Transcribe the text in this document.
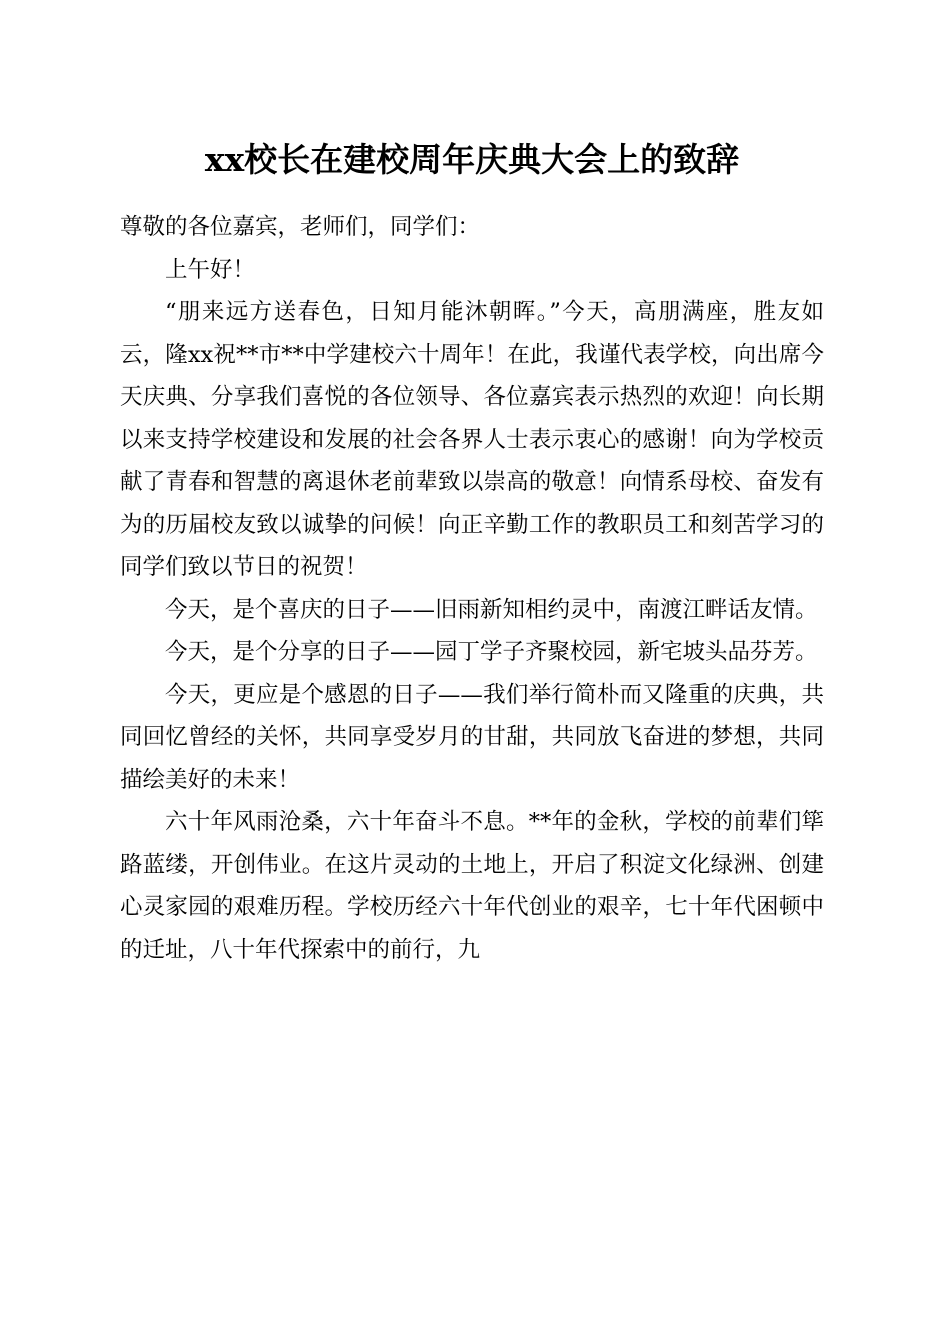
xx校长在建校周年庆典大会上的致辞

尊敬的各位嘉宾，老师们，同学们：

上午好！

“朋来远方送春色，日知月能沐朝晖。”今天，高朋满座，胜友如云，隆xx祝**市**中学建校六十周年！在此，我谨代表学校，向出席今天庆典、分享我们喜悦的各位领导、各位嘉宾表示热烈的欢迎！向长期以来支持学校建设和发展的社会各界人士表示衷心的感谢！向为学校贡献了青春和智慧的离退休老前辈致以崇高的敬意！向情系母校、奋发有为的历届校友致以诚挚的问候！向正辛勤工作的教职员工和刻苦学习的同学们致以节日的祝贺！

今天，是个喜庆的日子——旧雨新知相约灵中，南渡江畔话友情。

今天，是个分享的日子——园丁学子齐聚校园，新宅坡头品芬芳。

今天，更应是个感恩的日子——我们举行简朴而又隆重的庆典，共同回忆曾经的关怀，共同享受岁月的甘甜，共同放飞奋进的梦想，共同描绘美好的未来！

六十年风雨沧桑，六十年奋斗不息。**年的金秋，学校的前辈们筚路蓝缕，开创伟业。在这片灵动的土地上，开启了积淀文化绿洲、创建心灵家园的艰难历程。学校历经六十年代创业的艰辛，七十年代困顿中的迁址，八十年代探索中的前行，九
